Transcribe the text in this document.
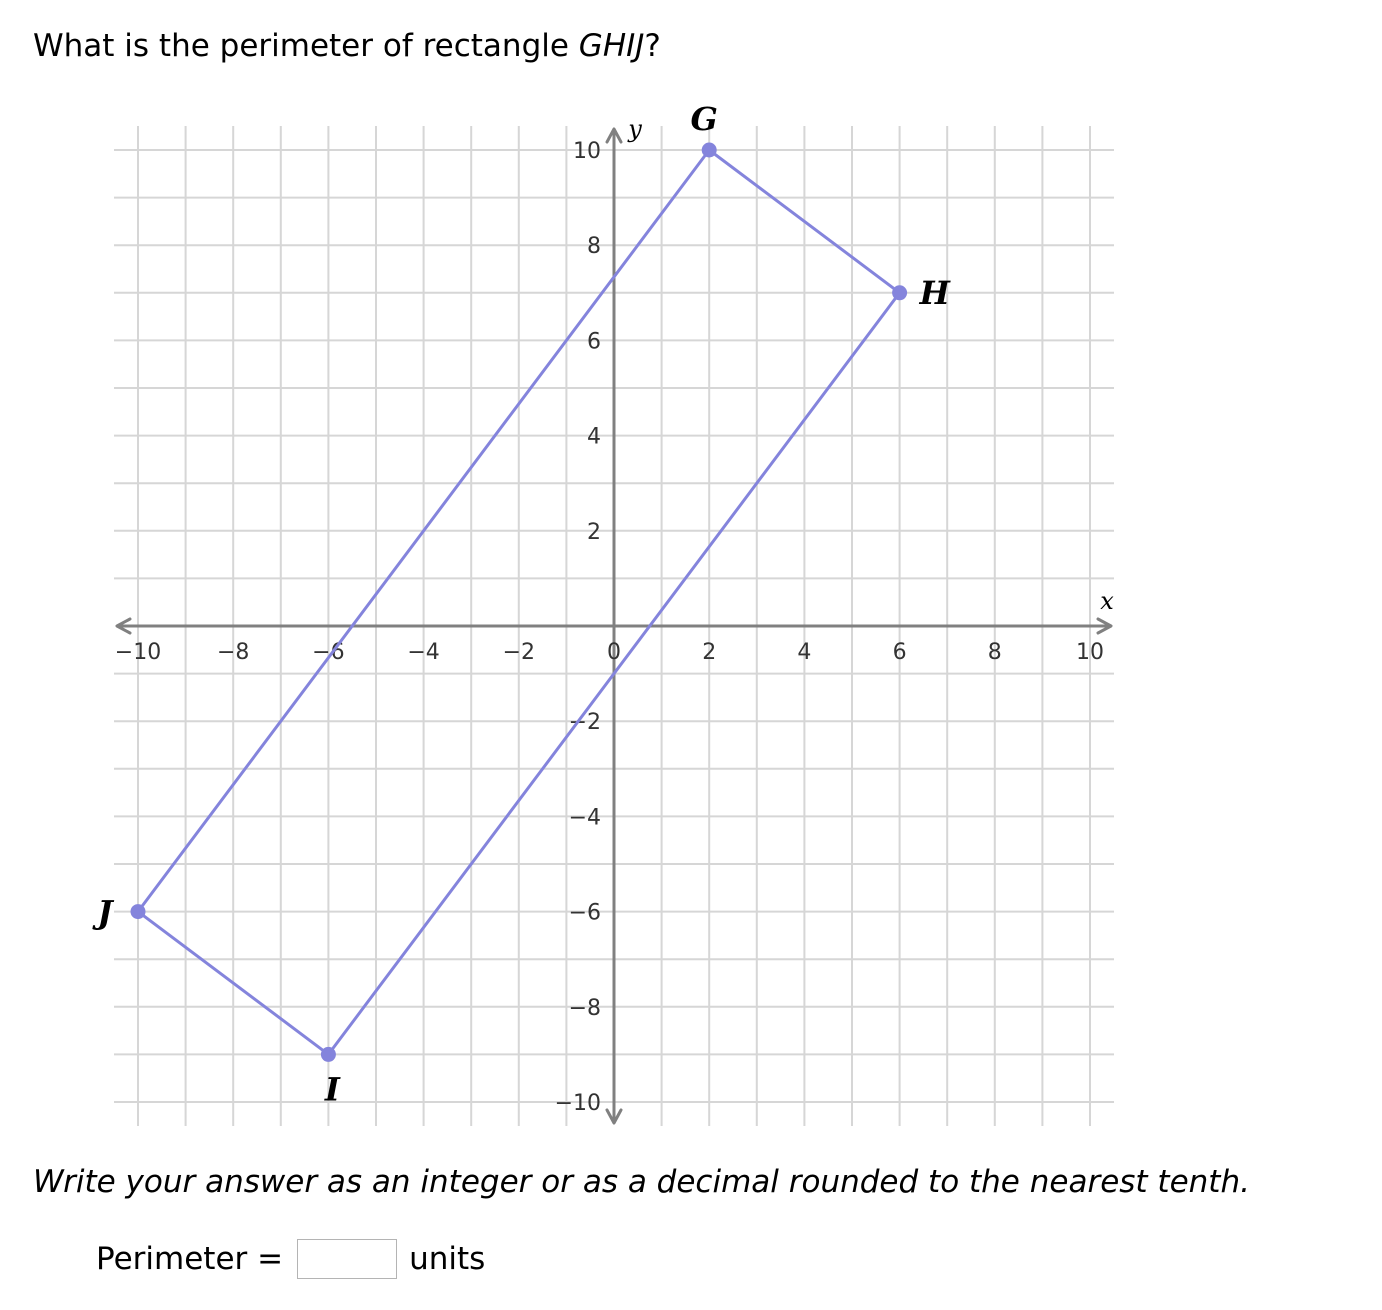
What is the perimeter of rectangle GHIJ?
−10	−8	−6	−4	−2	0	2	4	6	8	10
10
8
6
4
2
−2
−4
−6
−8
−10
x
y G
H
I
J
Write your answer as an integer or as a decimal rounded to the nearest tenth.
Perimeter =	units
